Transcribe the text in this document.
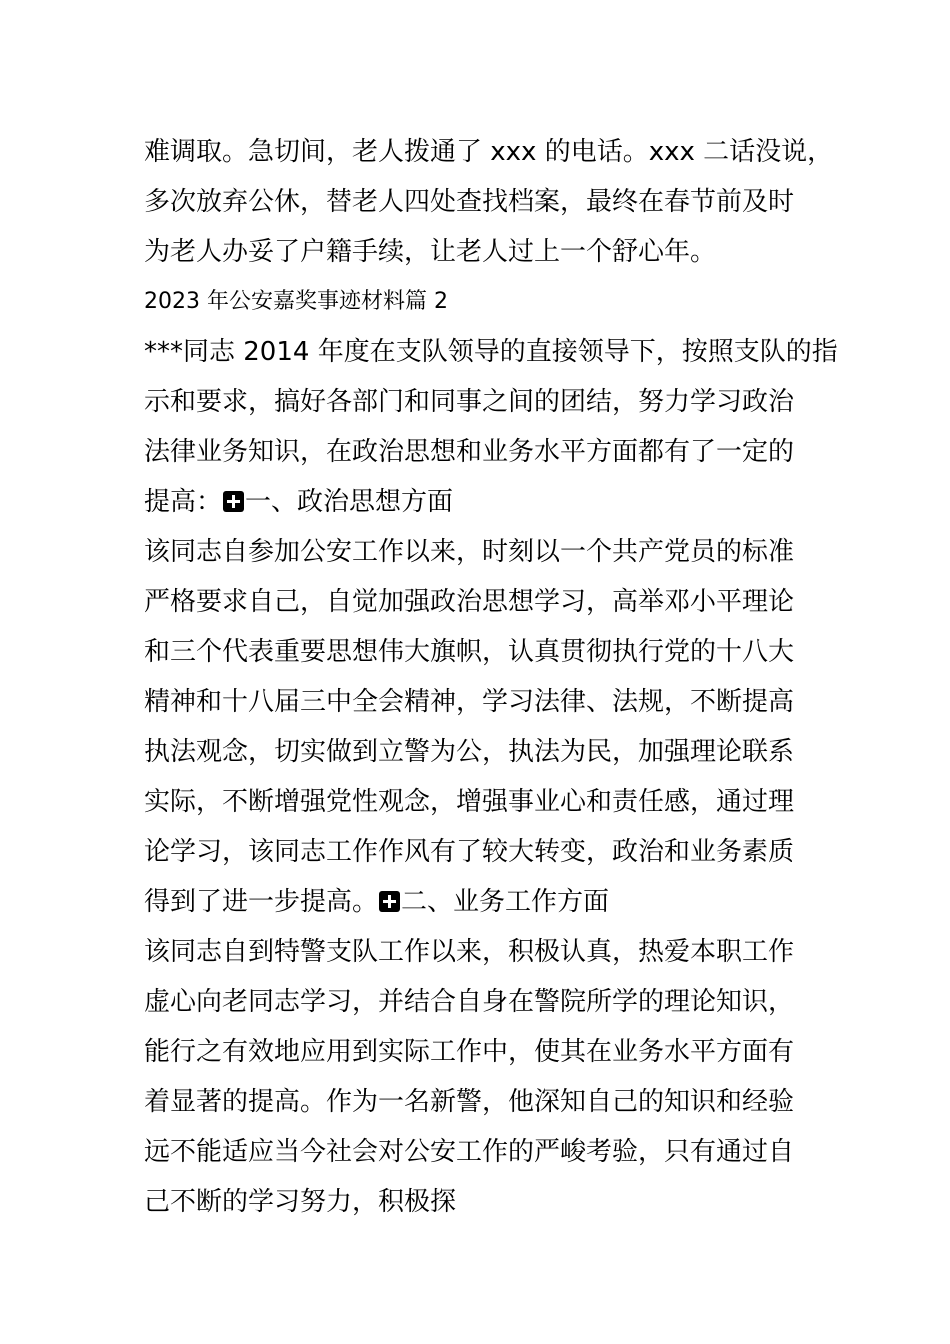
难调取。急切间，老人拨通了 xxx 的电话。xxx 二话没说，
多次放弃公休，替老人四处查找档案，最终在春节前及时
为老人办妥了户籍手续，让老人过上一个舒心年。
2023 年公安嘉奖事迹材料篇 2
***同志 2014 年度在支队领导的直接领导下，按照支队的指
示和要求，搞好各部门和同事之间的团结，努力学习政治
法律业务知识，在政治思想和业务水平方面都有了一定的
提高： 一、政治思想方面
该同志自参加公安工作以来，时刻以一个共产党员的标准
严格要求自己，自觉加强政治思想学习，高举邓小平理论
和三个代表重要思想伟大旗帜，认真贯彻执行党的十八大
精神和十八届三中全会精神，学习法律、法规，不断提高
执法观念，切实做到立警为公，执法为民，加强理论联系
实际，不断增强党性观念，增强事业心和责任感，通过理
论学习，该同志工作作风有了较大转变，政治和业务素质
得到了进一步提高。 二、业务工作方面
该同志自到特警支队工作以来，积极认真，热爱本职工作
虚心向老同志学习，并结合自身在警院所学的理论知识，
能行之有效地应用到实际工作中，使其在业务水平方面有
着显著的提高。作为一名新警，他深知自己的知识和经验
远不能适应当今社会对公安工作的严峻考验，只有通过自
己不断的学习努力，积极探
